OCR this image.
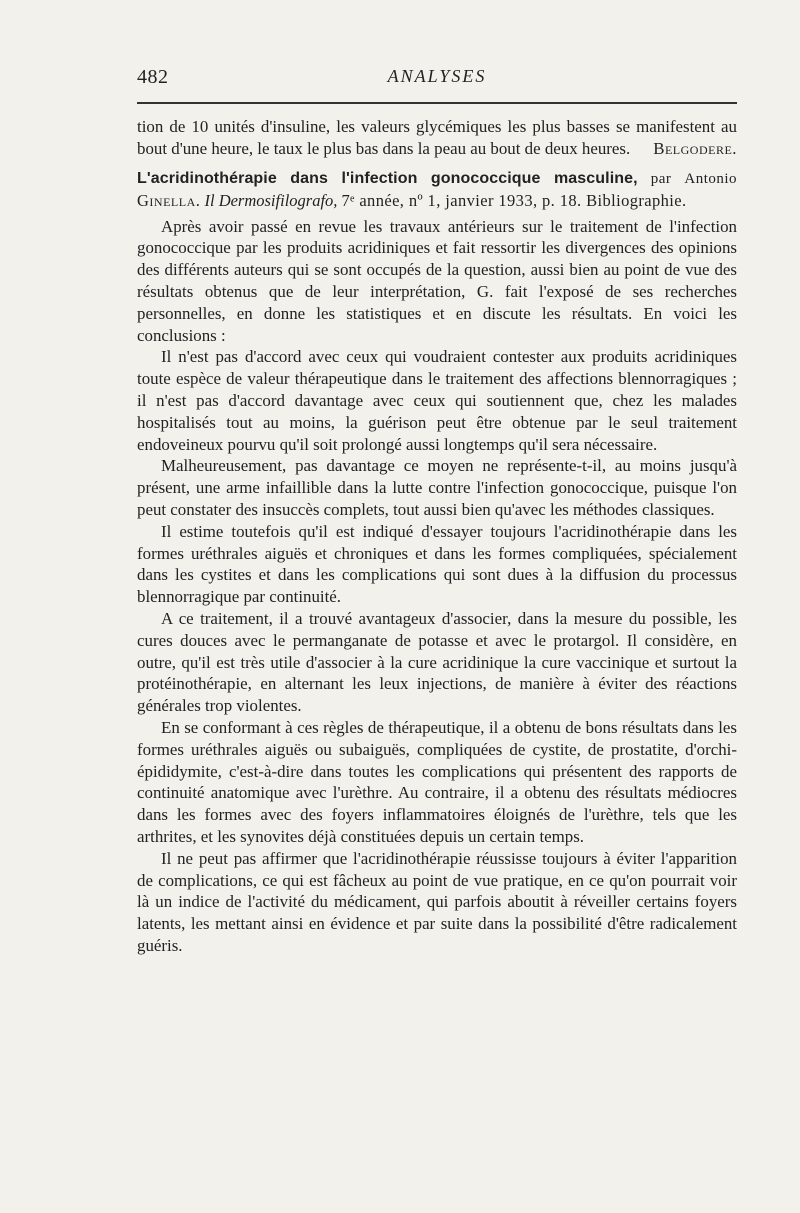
482	ANALYSES

tion de 10 unités d'insuline, les valeurs glycémiques les plus basses se manifestent au bout d'une heure, le taux le plus bas dans la peau au bout de deux heures.	Belgodere.

L'acridinothérapie dans l'infection gonococcique masculine, par Antonio Ginella. Il Dermosifilografo, 7ᵉ année, nº 1, janvier 1933, p. 18. Bibliographie.

Après avoir passé en revue les travaux antérieurs sur le traitement de l'infection gonococcique par les produits acridiniques et fait ressortir les divergences des opinions des différents auteurs qui se sont occupés de la question, aussi bien au point de vue des résultats obtenus que de leur interprétation, G. fait l'exposé de ses recherches personnelles, en donne les statistiques et en discute les résultats. En voici les conclusions :

Il n'est pas d'accord avec ceux qui voudraient contester aux produits acridiniques toute espèce de valeur thérapeutique dans le traitement des affections blennorragiques ; il n'est pas d'accord davantage avec ceux qui soutiennent que, chez les malades hospitalisés tout au moins, la guérison peut être obtenue par le seul traitement endoveineux pourvu qu'il soit prolongé aussi longtemps qu'il sera nécessaire.

Malheureusement, pas davantage ce moyen ne représente-t-il, au moins jusqu'à présent, une arme infaillible dans la lutte contre l'infection gonococcique, puisque l'on peut constater des insuccès complets, tout aussi bien qu'avec les méthodes classiques.

Il estime toutefois qu'il est indiqué d'essayer toujours l'acridinothérapie dans les formes uréthrales aiguës et chroniques et dans les formes compliquées, spécialement dans les cystites et dans les complications qui sont dues à la diffusion du processus blennorragique par continuité.

A ce traitement, il a trouvé avantageux d'associer, dans la mesure du possible, les cures douces avec le permanganate de potasse et avec le protargol. Il considère, en outre, qu'il est très utile d'associer à la cure acridinique la cure vaccinique et surtout la protéinothérapie, en alternant les leux injections, de manière à éviter des réactions générales trop violentes.

En se conformant à ces règles de thérapeutique, il a obtenu de bons résultats dans les formes uréthrales aiguës ou subaiguës, compliquées de cystite, de prostatite, d'orchi-épididymite, c'est-à-dire dans toutes les complications qui présentent des rapports de continuité anatomique avec l'urèthre. Au contraire, il a obtenu des résultats médiocres dans les formes avec des foyers inflammatoires éloignés de l'urèthre, tels que les arthrites, et les synovites déjà constituées depuis un certain temps.

Il ne peut pas affirmer que l'acridinothérapie réussisse toujours à éviter l'apparition de complications, ce qui est fâcheux au point de vue pratique, en ce qu'on pourrait voir là un indice de l'activité du médicament, qui parfois aboutit à réveiller certains foyers latents, les mettant ainsi en évidence et par suite dans la possibilité d'être radicalement guéris.
